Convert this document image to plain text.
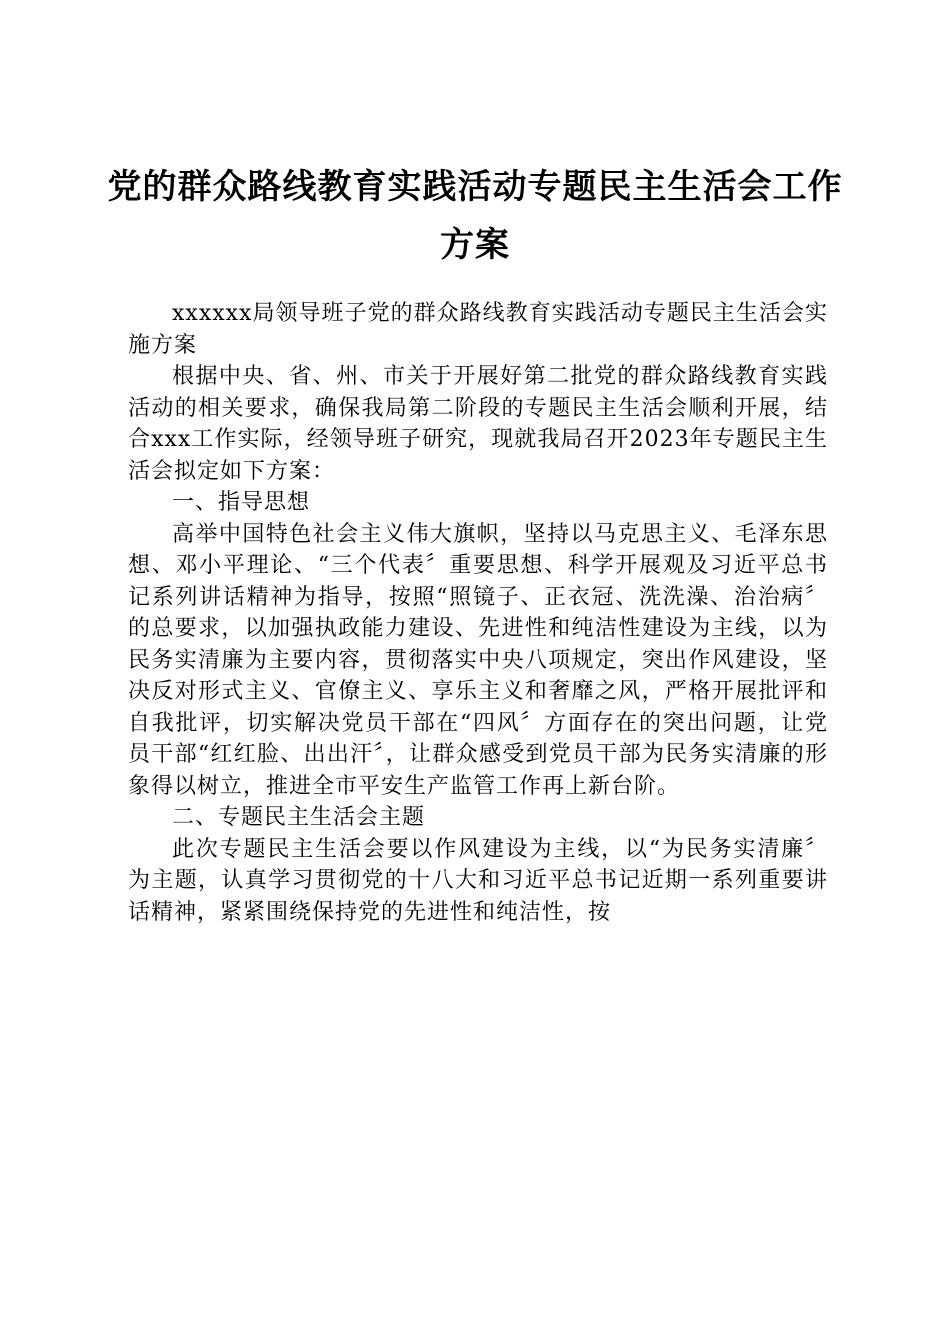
党的群众路线教育实践活动专题民主生活会工作方案

xxxxxx局领导班子党的群众路线教育实践活动专题民主生活会实施方案

根据中央、省、州、市关于开展好第二批党的群众路线教育实践活动的相关要求，确保我局第二阶段的专题民主生活会顺利开展，结合xxx工作实际，经领导班子研究，现就我局召开2023年专题民主生活会拟定如下方案：

一、指导思想

高举中国特色社会主义伟大旗帜，坚持以马克思主义、毛泽东思想、邓小平理论、“三个代表〞重要思想、科学开展观及习近平总书记系列讲话精神为指导，按照“照镜子、正衣冠、洗洗澡、治治病〞的总要求，以加强执政能力建设、先进性和纯洁性建设为主线，以为民务实清廉为主要内容，贯彻落实中央八项规定，突出作风建设，坚决反对形式主义、官僚主义、享乐主义和奢靡之风，严格开展批评和自我批评，切实解决党员干部在“四风〞方面存在的突出问题，让党员干部“红红脸、出出汗〞，让群众感受到党员干部为民务实清廉的形象得以树立，推进全市平安生产监管工作再上新台阶。

二、专题民主生活会主题

此次专题民主生活会要以作风建设为主线，以“为民务实清廉〞为主题，认真学习贯彻党的十八大和习近平总书记近期一系列重要讲话精神，紧紧围绕保持党的先进性和纯洁性，按
